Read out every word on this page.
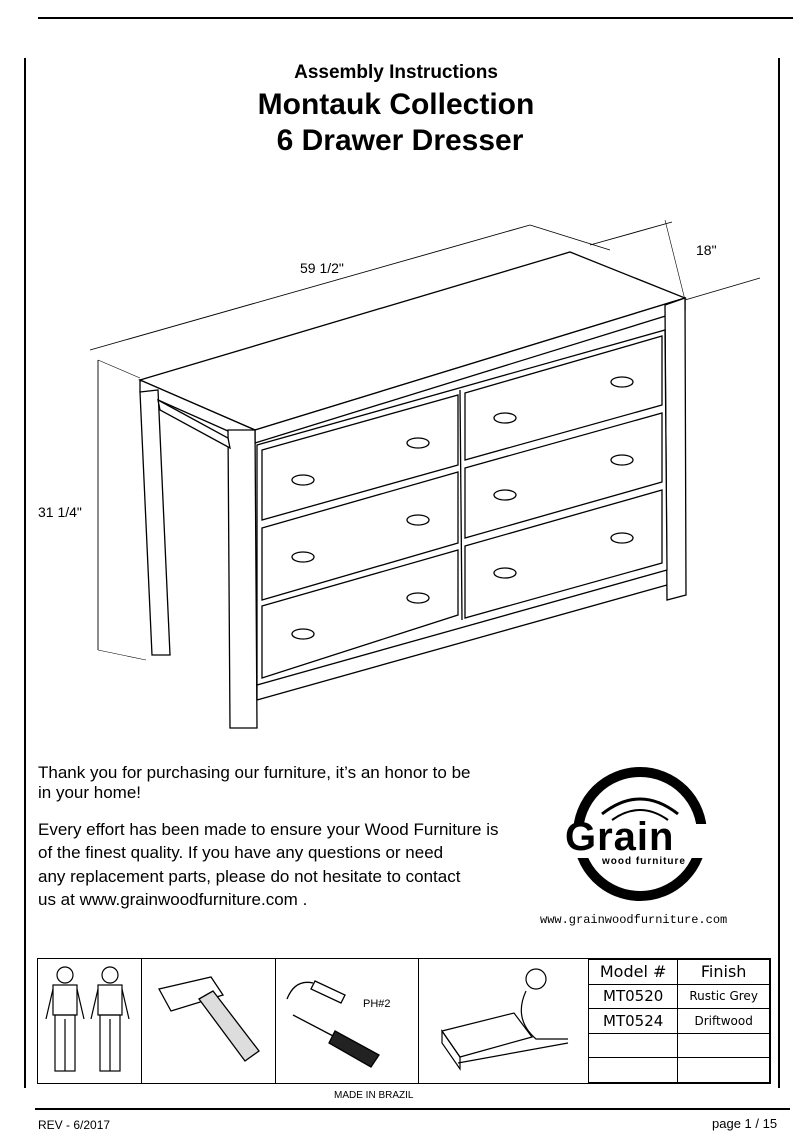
Assembly Instructions
Montauk Collection
6 Drawer Dresser
59 1/2"
18"
31 1/4"
Thank you for purchasing our furniture, it’s an honor to be
in your home!
Every effort has been made to ensure your Wood Furniture is
of the finest quality. If you have any questions or need
any replacement parts, please do not hesitate to contact
us at www.grainwoodfurniture.com .
Grain
wood furniture
www.grainwoodfurniture.com
Model #	Finish
MT0520	Rustic Grey
MT0524	Driftwood

PH#2
MADE IN BRAZIL
REV - 6/2017	page 1 / 15
